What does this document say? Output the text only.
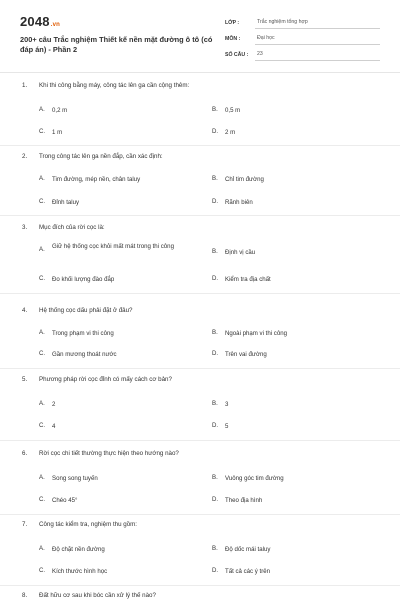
2048.vn
200+ câu Trắc nghiệm Thiết kế nền mặt đường ô tô (có đáp án) - Phần 2
LỚP :	Trắc nghiệm tổng hợp
MÔN :	Đại học
SỐ CÂU :	23
1. Khi thi công bằng máy, công tác lên ga cần cộng thêm:
A.	0,2 m	B.	0,5 m
C.	1 m	D.	2 m
2. Trong công tác lên ga nền đắp, cần xác định:
A.	Tim đường, mép nền, chân taluy	B.	Chỉ tim đường
C.	Đỉnh taluy	D.	Rãnh biên
3. Mục đích của rời cọc là:
A.	Giữ hệ thống cọc khỏi mất mát trong thi công
B.	Định vị cầu
C.	Đo khối lượng đào đắp	D.	Kiểm tra địa chất
4. Hệ thống cọc dấu phải đặt ở đâu?
A.	Trong phạm vi thi công	B.	Ngoài phạm vi thi công
C.	Gần mương thoát nước	D.	Trên vai đường
5. Phương pháp rời cọc đỉnh có mấy cách cơ bản?
A.	2	B.	3
C.	4	D.	5
6. Rời cọc chi tiết thường thực hiện theo hướng nào?
A.	Song song tuyến	B.	Vuông góc tim đường
C.	Chéo 45°	D.	Theo địa hình
7. Công tác kiểm tra, nghiệm thu gồm:
A.	Độ chặt nền đường	B.	Độ dốc mái taluy
C.	Kích thước hình học	D.	Tất cả các ý trên
8. Đất hữu cơ sau khi bóc cần xử lý thế nào?
